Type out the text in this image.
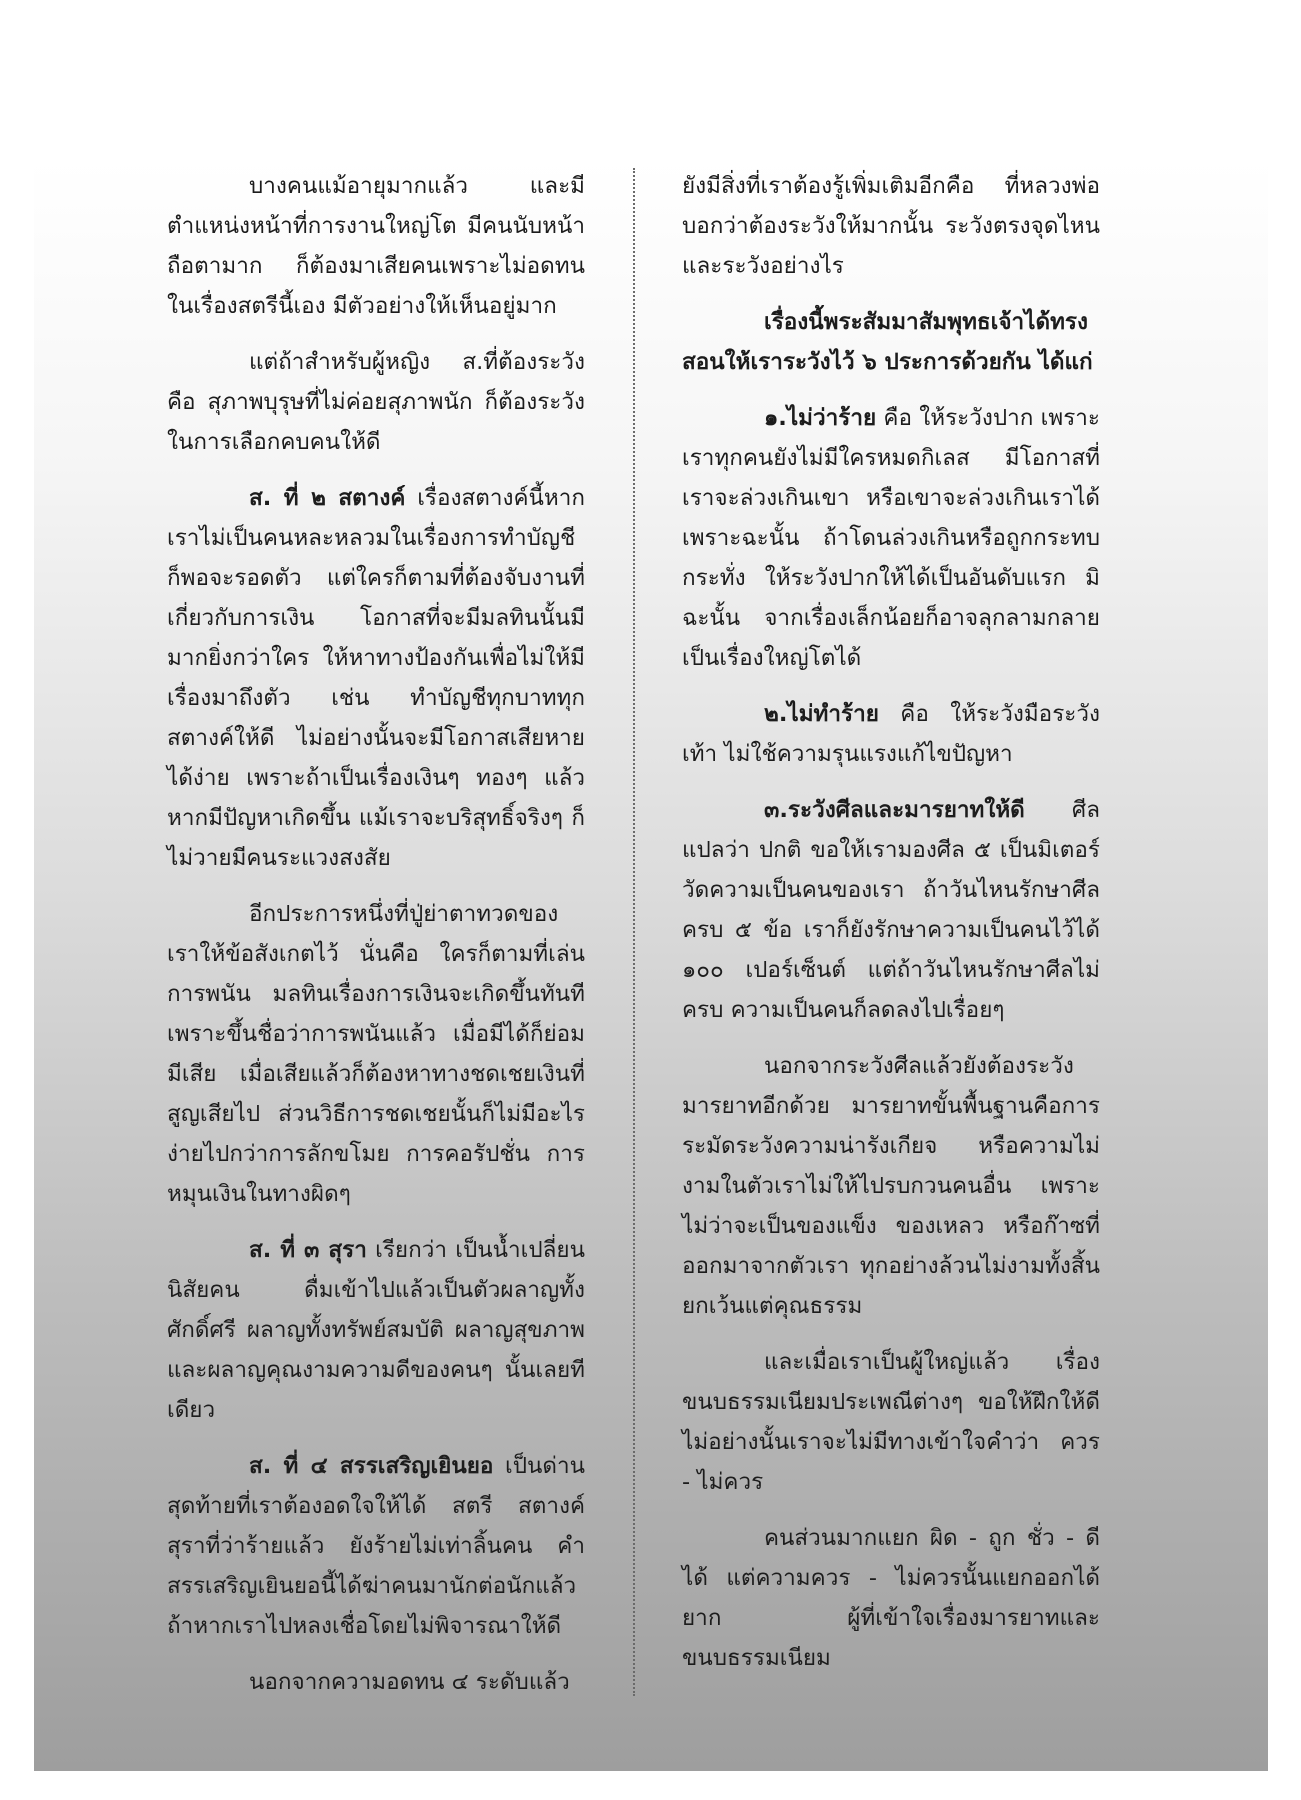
บางคนแม้อายุมากแล้ว และมีตำแหน่งหน้าที่การงานใหญ่โต มีคนนับหน้าถือตามาก ก็ต้องมาเสียคนเพราะไม่อดทนในเรื่องสตรีนี้เอง มีตัวอย่างให้เห็นอยู่มาก

แต่ถ้าสำหรับผู้หญิง ส.ที่ต้องระวัง คือ สุภาพบุรุษที่ไม่ค่อยสุภาพนัก ก็ต้องระวังในการเลือกคบคนให้ดี

ส. ที่ ๒ สตางค์ เรื่องสตางค์นี้หากเราไม่เป็นคนหละหลวมในเรื่องการทำบัญชี ก็พอจะรอดตัว แต่ใครก็ตามที่ต้องจับงานที่เกี่ยวกับการเงิน โอกาสที่จะมีมลทินนั้นมีมากยิ่งกว่าใคร ให้หาทางป้องกันเพื่อไม่ให้มีเรื่องมาถึงตัว เช่น ทำบัญชีทุกบาททุกสตางค์ให้ดี ไม่อย่างนั้นจะมีโอกาสเสียหายได้ง่าย เพราะถ้าเป็นเรื่องเงินๆ ทองๆ แล้ว หากมีปัญหาเกิดขึ้น แม้เราจะบริสุทธิ์จริงๆ ก็ไม่วายมีคนระแวงสงสัย

อีกประการหนึ่งที่ปู่ย่าตาทวดของเราให้ข้อสังเกตไว้ นั่นคือ ใครก็ตามที่เล่นการพนัน มลทินเรื่องการเงินจะเกิดขึ้นทันที เพราะขึ้นชื่อว่าการพนันแล้ว เมื่อมีได้ก็ย่อมมีเสีย เมื่อเสียแล้วก็ต้องหาทางชดเชยเงินที่สูญเสียไป ส่วนวิธีการชดเชยนั้นก็ไม่มีอะไรง่ายไปกว่าการลักขโมย การคอรัปชั่น การหมุนเงินในทางผิดๆ

ส. ที่ ๓ สุรา เรียกว่า เป็นน้ำเปลี่ยนนิสัยคน ดื่มเข้าไปแล้วเป็นตัวผลาญทั้งศักดิ์ศรี ผลาญทั้งทรัพย์สมบัติ ผลาญสุขภาพ และผลาญคุณงามความดีของคนๆ นั้นเลยทีเดียว

ส. ที่ ๔ สรรเสริญเยินยอ เป็นด่านสุดท้ายที่เราต้องอดใจให้ได้ สตรี สตางค์ สุราที่ว่าร้ายแล้ว ยังร้ายไม่เท่าลิ้นคน คำสรรเสริญเยินยอนี้ได้ฆ่าคนมานักต่อนักแล้ว ถ้าหากเราไปหลงเชื่อโดยไม่พิจารณาให้ดี

นอกจากความอดทน ๔ ระดับแล้ว

ยังมีสิ่งที่เราต้องรู้เพิ่มเติมอีกคือ ที่หลวงพ่อบอกว่าต้องระวังให้มากนั้น ระวังตรงจุดไหน และระวังอย่างไร

เรื่องนี้พระสัมมาสัมพุทธเจ้าได้ทรงสอนให้เราระวังไว้ ๖ ประการด้วยกัน ได้แก่

๑.ไม่ว่าร้าย คือ ให้ระวังปาก เพราะเราทุกคนยังไม่มีใครหมดกิเลส มีโอกาสที่เราจะล่วงเกินเขา หรือเขาจะล่วงเกินเราได้ เพราะฉะนั้น ถ้าโดนล่วงเกินหรือถูกกระทบกระทั่ง ให้ระวังปากให้ได้เป็นอันดับแรก มิฉะนั้น จากเรื่องเล็กน้อยก็อาจลุกลามกลายเป็นเรื่องใหญ่โตได้

๒.ไม่ทำร้าย คือ ให้ระวังมือระวังเท้า ไม่ใช้ความรุนแรงแก้ไขปัญหา

๓.ระวังศีลและมารยาทให้ดี ศีล แปลว่า ปกติ ขอให้เรามองศีล ๕ เป็นมิเตอร์วัดความเป็นคนของเรา ถ้าวันไหนรักษาศีลครบ ๕ ข้อ เราก็ยังรักษาความเป็นคนไว้ได้ ๑๐๐ เปอร์เซ็นต์ แต่ถ้าวันไหนรักษาศีลไม่ครบ ความเป็นคนก็ลดลงไปเรื่อยๆ

นอกจากระวังศีลแล้วยังต้องระวังมารยาทอีกด้วย มารยาทขั้นพื้นฐานคือการระมัดระวังความน่ารังเกียจ หรือความไม่งามในตัวเราไม่ให้ไปรบกวนคนอื่น เพราะไม่ว่าจะเป็นของแข็ง ของเหลว หรือก๊าซที่ออกมาจากตัวเรา ทุกอย่างล้วนไม่งามทั้งสิ้น ยกเว้นแต่คุณธรรม

และเมื่อเราเป็นผู้ใหญ่แล้ว เรื่องขนบธรรมเนียมประเพณีต่างๆ ขอให้ฝึกให้ดี ไม่อย่างนั้นเราจะไม่มีทางเข้าใจคำว่า ควร - ไม่ควร

คนส่วนมากแยก ผิด - ถูก ชั่ว - ดี ได้ แต่ความควร - ไม่ควรนั้นแยกออกได้ยาก ผู้ที่เข้าใจเรื่องมารยาทและขนบธรรมเนียม
